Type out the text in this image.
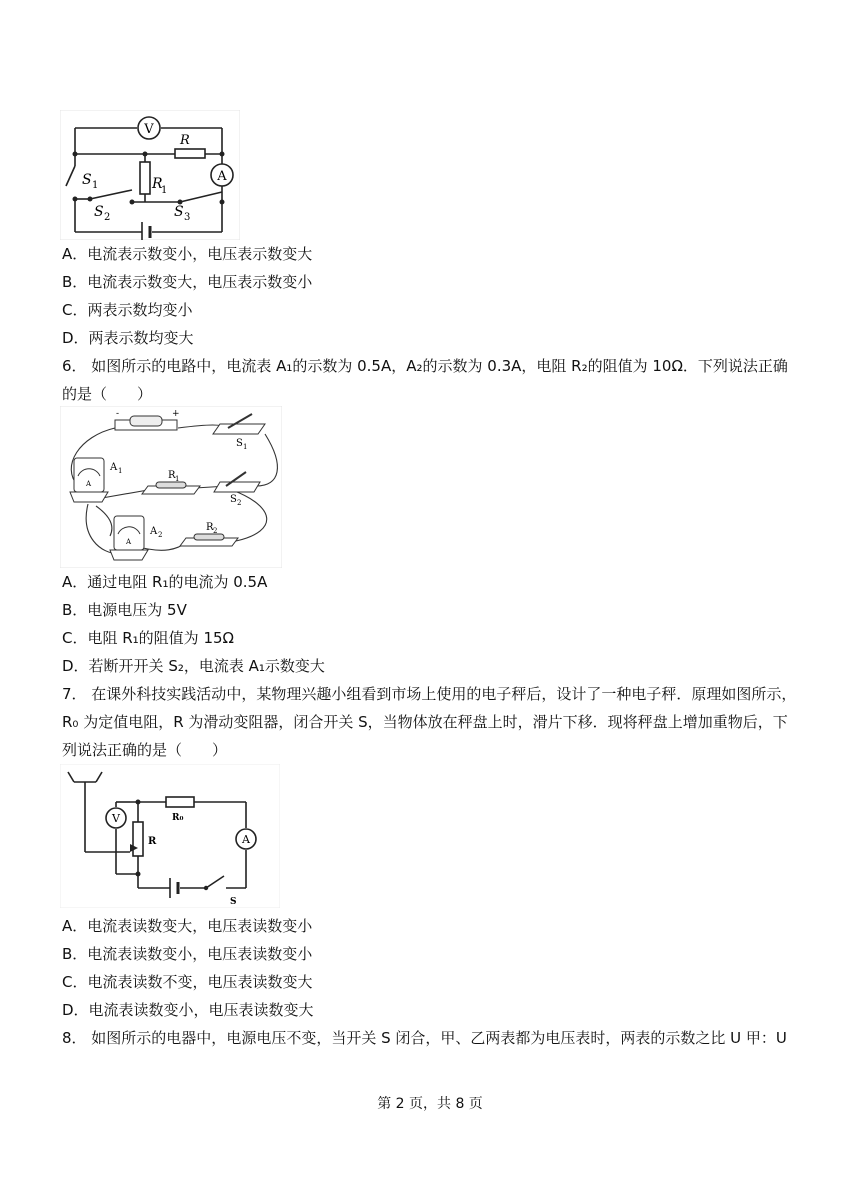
V
A
R
R
1
S 1
S 2	S 3
A．电流表示数变小，电压表示数变大
B．电流表示数变大，电压表示数变小
C．两表示数均变小
D．两表示数均变大
6． 如图所示的电路中，电流表 A₁的示数为 0.5A，A₂的示数为 0.3A，电阻 R₂的阻值为 10Ω．下列说法正确
的是（　　）
-	+
S 1
A
A 1	R 1
S 2
A
A 2
R 2
A．通过电阻 R₁的电流为 0.5A
B．电源电压为 5V
C．电阻 R₁的阻值为 15Ω
D．若断开开关 S₂，电流表 A₁示数变大
7． 在课外科技实践活动中，某物理兴趣小组看到市场上使用的电子秤后，设计了一种电子秤．原理如图所示，
R₀ 为定值电阻，R 为滑动变阻器，闭合开关 S，当物体放在秤盘上时，滑片下移．现将秤盘上增加重物后，下
列说法正确的是（　　）
V
A
R
R₀
S
A．电流表读数变大，电压表读数变小
B．电流表读数变小，电压表读数变小
C．电流表读数不变，电压表读数变大
D．电流表读数变小，电压表读数变大
8． 如图所示的电器中，电源电压不变，当开关 S 闭合，甲、乙两表都为电压表时，两表的示数之比 U 甲：U
第 2 页，共 8 页
